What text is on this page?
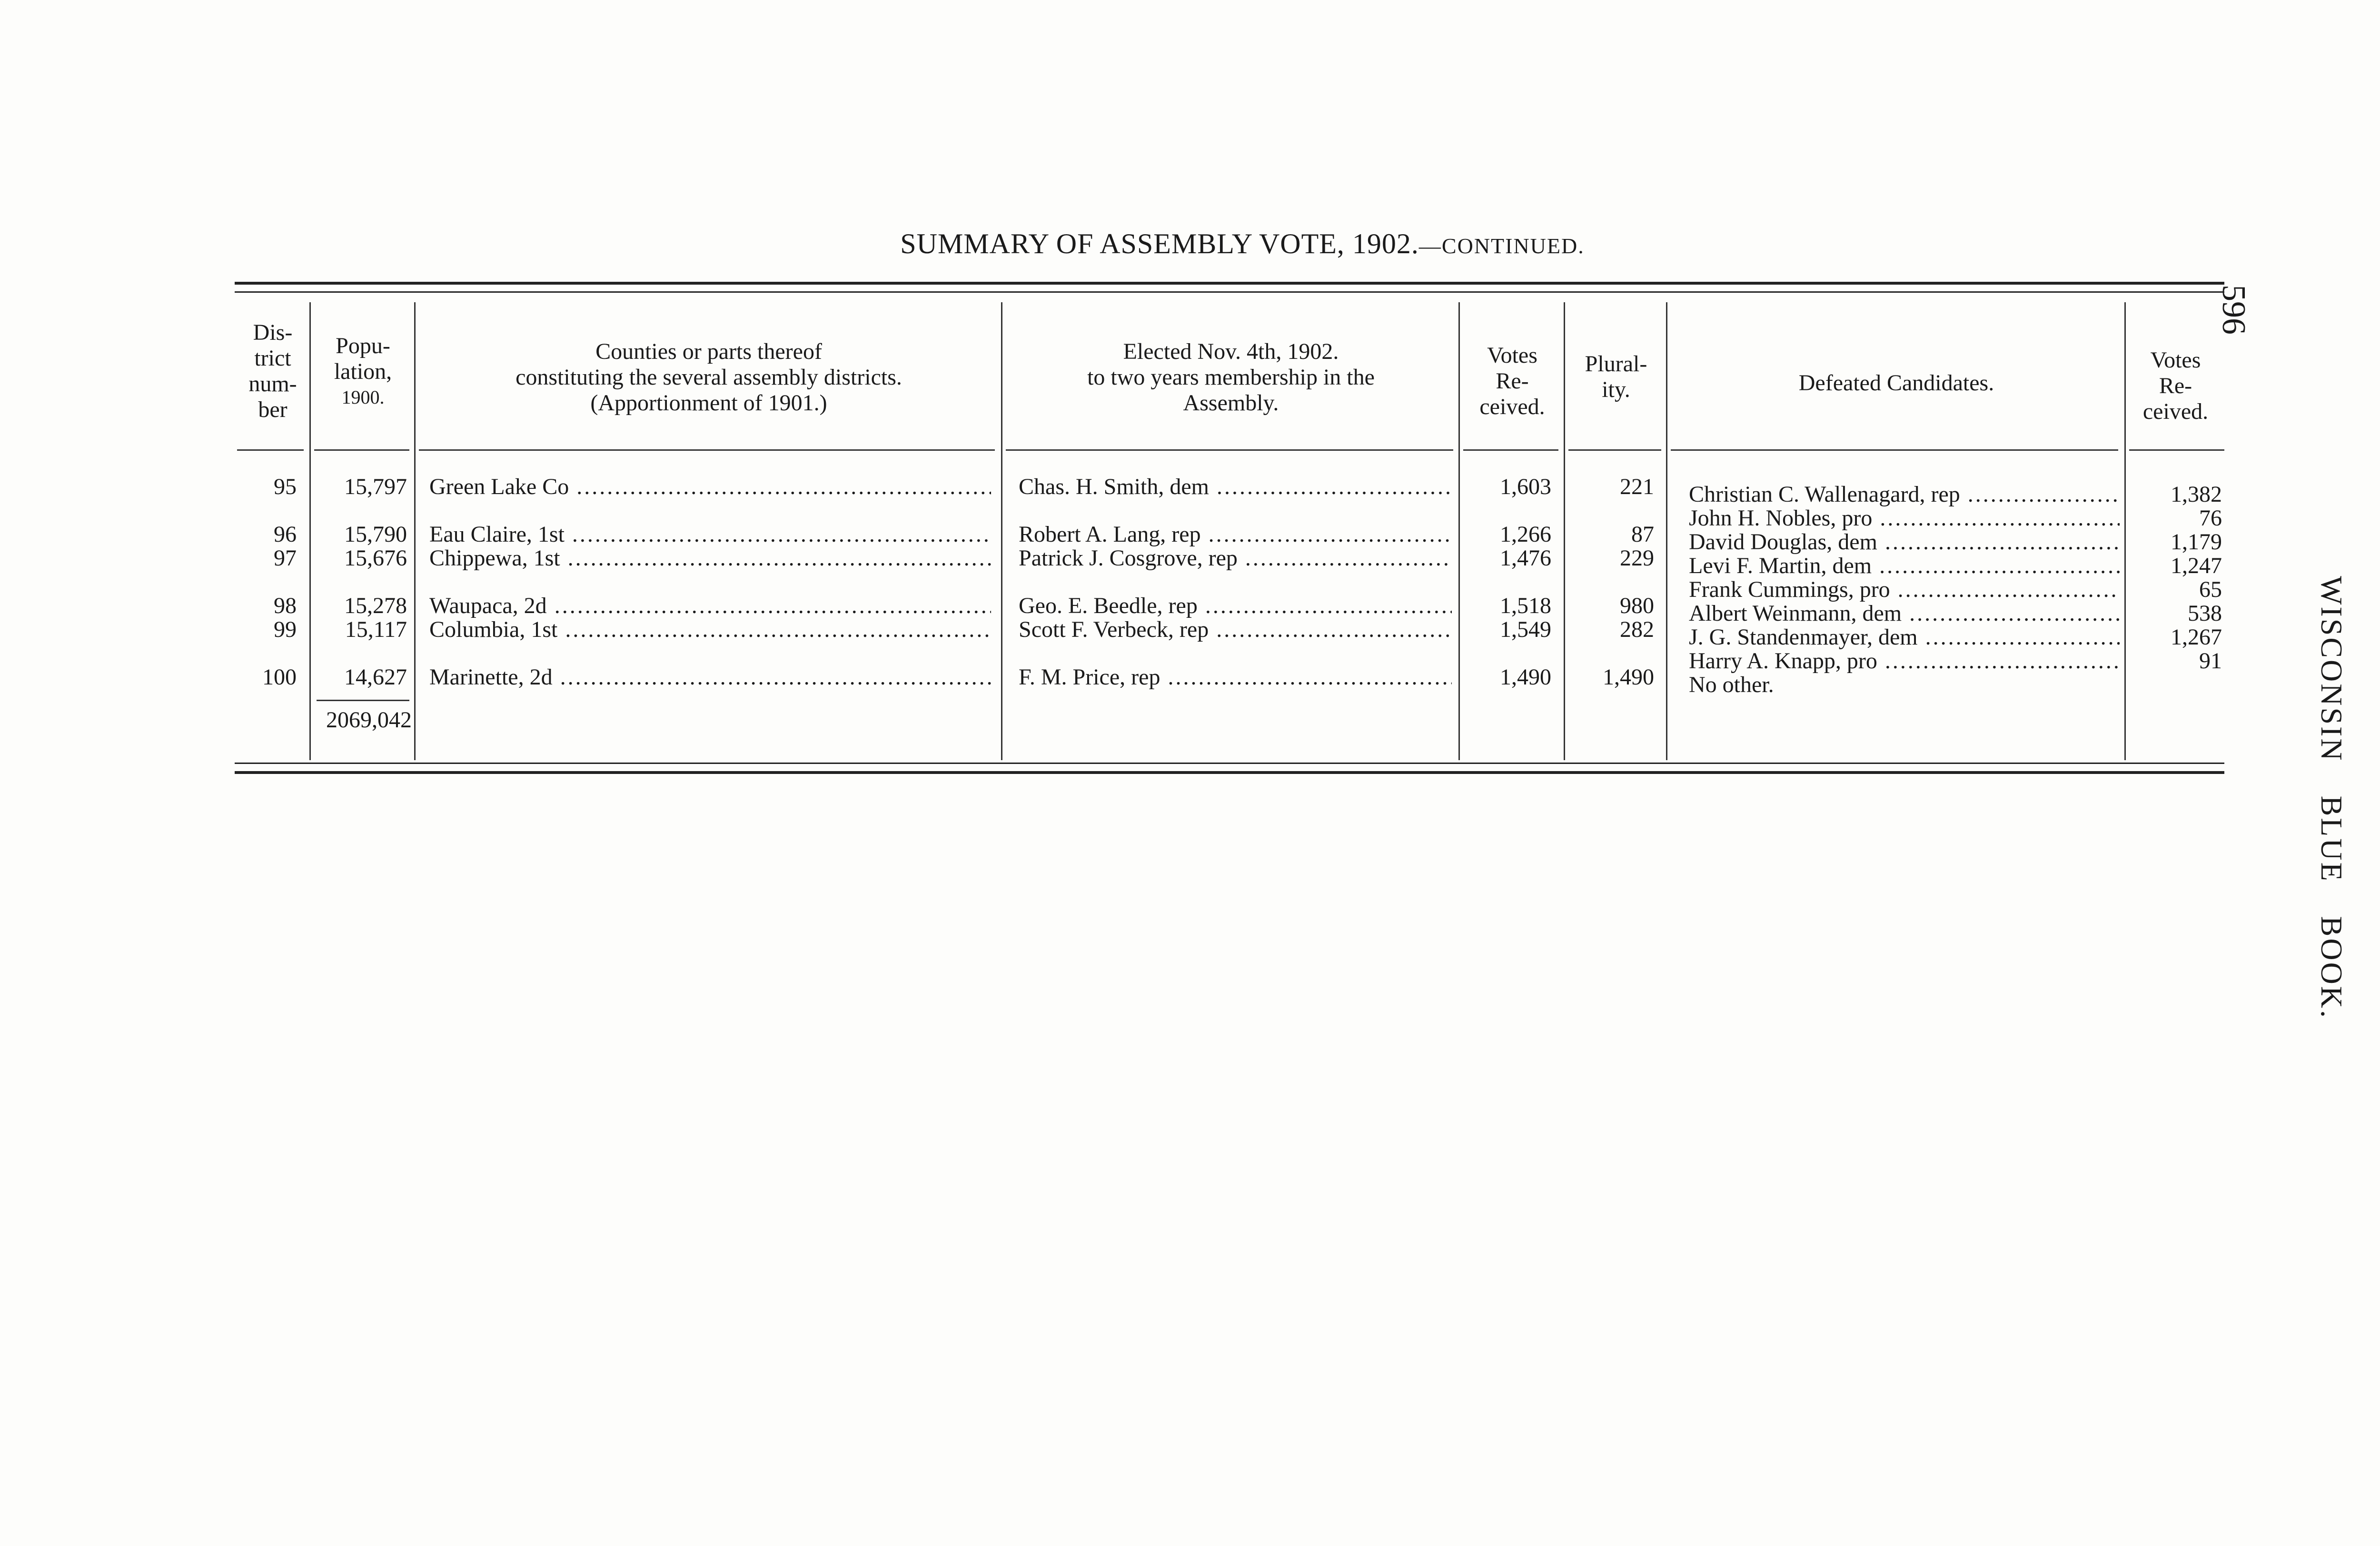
SUMMARY OF ASSEMBLY VOTE, 1902.—CONTINUED.
596
WISCONSINBLUEBOOK.
Dis-
trict
num-
ber
Popu-
lation,
1900.
Counties or parts thereof
constituting the several assembly districts.
(Apportionment of 1901.)
Elected Nov. 4th, 1902.
to two years membership in the
Assembly.
Votes
Re-
ceived.
Plural-
ity.	Defeated Candidates.
Votes
Re-
ceived.
95
96
97
98
99
100
15,797
15,790
15,676
15,278
15,117
14,627
2069,042
Green Lake Co .....
Eau Claire, 1st .....
Chippewa, 1st .....
Waupaca, 2d .....
Columbia, 1st .....
Marinette, 2d .....
Chas. H. Smith, dem .....
Robert A. Lang, rep .....
Patrick J. Cosgrove, rep .....
Geo. E. Beedle, rep .....
Scott F. Verbeck, rep .....
F. M. Price, rep .....
1,603
1,266
1,476
1,518
1,549
1,490
221
87
229
980
282
1,490
Christian C. Wallenagard, rep .....
John H. Nobles, pro .....
David Douglas, dem .....
Levi F. Martin, dem .....
Frank Cummings, pro .....
Albert Weinmann, dem .....
J. G. Standenmayer, dem .....
Harry A. Knapp, pro .....
No other.
1,382
76
1,179
1,247
65
538
1,267
91
